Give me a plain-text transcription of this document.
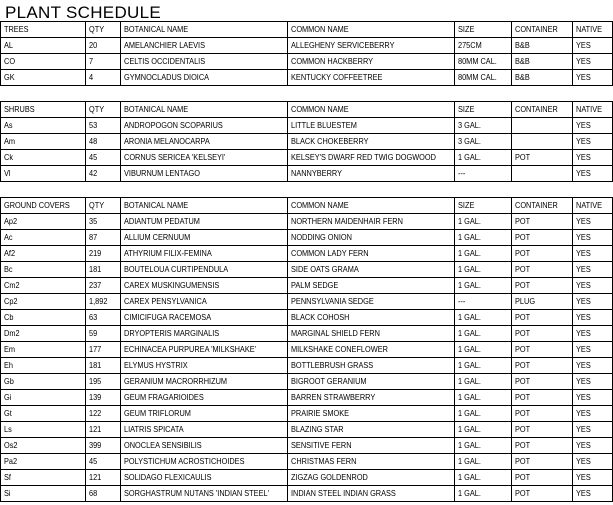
PLANT SCHEDULE
TREES	QTY	BOTANICAL NAME	COMMON NAME	SIZE	CONTAINER	NATIVE
AL	20	AMELANCHIER LAEVIS	ALLEGHENY SERVICEBERRY	275CM	B&B	YES
CO	7	CELTIS OCCIDENTALIS	COMMON HACKBERRY	80MM CAL.	B&B	YES
GK	4	GYMNOCLADUS DIOICA	KENTUCKY COFFEETREE	80MM CAL.	B&B	YES

SHRUBS	QTY	BOTANICAL NAME	COMMON NAME	SIZE	CONTAINER	NATIVE
As	53	ANDROPOGON SCOPARIUS	LITTLE BLUESTEM	3 GAL.		YES
Am	48	ARONIA MELANOCARPA	BLACK CHOKEBERRY	3 GAL.		YES
Ck	45	CORNUS SERICEA 'KELSEYI'	KELSEY'S DWARF RED TWIG DOGWOOD	1 GAL.	POT	YES
Vl	42	VIBURNUM LENTAGO	NANNYBERRY	---		YES

GROUND COVERS	QTY	BOTANICAL NAME	COMMON NAME	SIZE	CONTAINER	NATIVE
Ap2	35	ADIANTUM PEDATUM	NORTHERN MAIDENHAIR FERN	1 GAL.	POT	YES
Ac	87	ALLIUM CERNUUM	NODDING ONION	1 GAL.	POT	YES
Af2	219	ATHYRIUM FILIX-FEMINA	COMMON LADY FERN	1 GAL.	POT	YES
Bc	181	BOUTELOUA CURTIPENDULA	SIDE OATS GRAMA	1 GAL.	POT	YES
Cm2	237	CAREX MUSKINGUMENSIS	PALM SEDGE	1 GAL.	POT	YES
Cp2	1,892	CAREX PENSYLVANICA	PENNSYLVANIA SEDGE	---	PLUG	YES
Cb	63	CIMICIFUGA RACEMOSA	BLACK COHOSH	1 GAL.	POT	YES
Dm2	59	DRYOPTERIS MARGINALIS	MARGINAL SHIELD FERN	1 GAL.	POT	YES
Em	177	ECHINACEA PURPUREA 'MILKSHAKE'	MILKSHAKE CONEFLOWER	1 GAL.	POT	YES
Eh	181	ELYMUS HYSTRIX	BOTTLEBRUSH GRASS	1 GAL.	POT	YES
Gb	195	GERANIUM MACRORRHIZUM	BIGROOT GERANIUM	1 GAL.	POT	YES
Gi	139	GEUM FRAGARIOIDES	BARREN STRAWBERRY	1 GAL.	POT	YES
Gt	122	GEUM TRIFLORUM	PRAIRIE SMOKE	1 GAL.	POT	YES
Ls	121	LIATRIS SPICATA	BLAZING STAR	1 GAL.	POT	YES
Os2	399	ONOCLEA SENSIBILIS	SENSITIVE FERN	1 GAL.	POT	YES
Pa2	45	POLYSTICHUM ACROSTICHOIDES	CHRISTMAS FERN	1 GAL.	POT	YES
Sf	121	SOLIDAGO FLEXICAULIS	ZIGZAG GOLDENROD	1 GAL.	POT	YES
Si	68	SORGHASTRUM NUTANS 'INDIAN STEEL'	INDIAN STEEL INDIAN GRASS	1 GAL.	POT	YES
